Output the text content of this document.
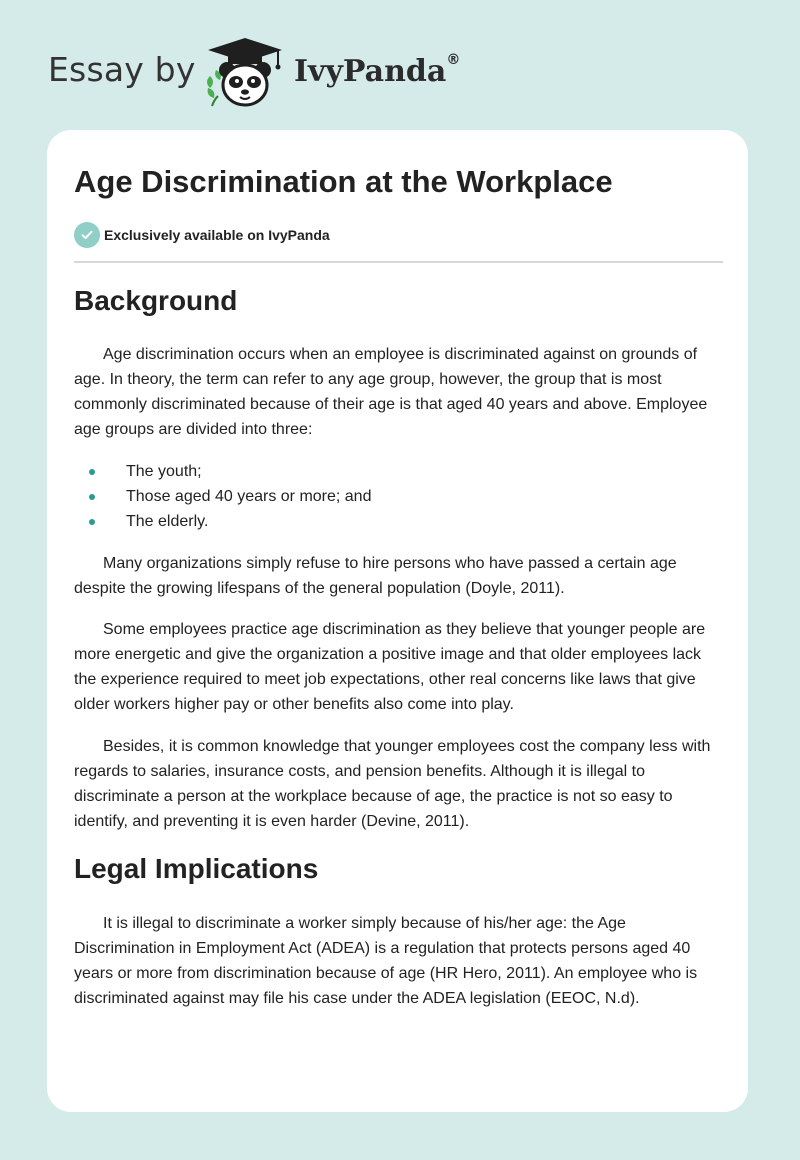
Essay by	IvyPanda®
Age Discrimination at the Workplace
Exclusively available on IvyPanda
Background

Age discrimination occurs when an employee is discriminated against on grounds of age. In theory, the term can refer to any age group, however, the group that is most commonly discriminated because of their age is that aged 40 years and above. Employee age groups are divided into three:

The youth;
Those aged 40 years or more; and
The elderly.

Many organizations simply refuse to hire persons who have passed a certain age despite the growing lifespans of the general population (Doyle, 2011).

Some employees practice age discrimination as they believe that younger people are more energetic and give the organization a positive image and that older employees lack the experience required to meet job expectations, other real concerns like laws that give older workers higher pay or other benefits also come into play.

Besides, it is common knowledge that younger employees cost the company less with regards to salaries, insurance costs, and pension benefits. Although it is illegal to discriminate a person at the workplace because of age, the practice is not so easy to identify, and preventing it is even harder (Devine, 2011).

Legal Implications

It is illegal to discriminate a worker simply because of his/her age: the Age Discrimination in Employment Act (ADEA) is a regulation that protects persons aged 40 years or more from discrimination because of age (HR Hero, 2011). An employee who is discriminated against may file his case under the ADEA legislation (EEOC, N.d).
